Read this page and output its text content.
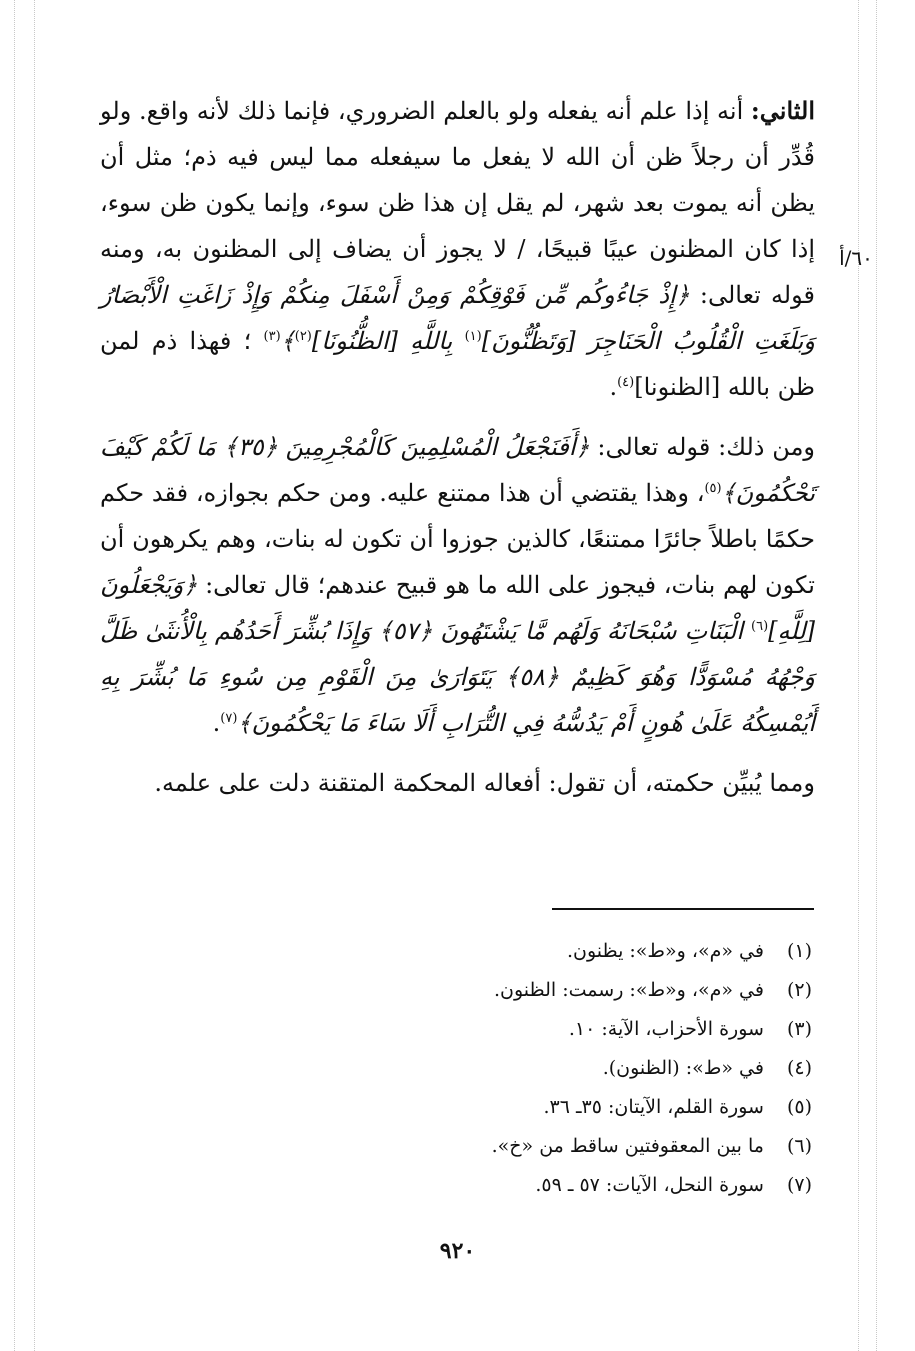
٦٠/أ

الثاني: أنه إذا علم أنه يفعله ولو بالعلم الضروري، فإنما ذلك لأنه واقع. ولو قُدِّر أن رجلاً ظن أن الله لا يفعل ما سيفعله مما ليس فيه ذم؛ مثل أن يظن أنه يموت بعد شهر، لم يقل إن هذا ظن سوء، وإنما يكون ظن سوء، إذا كان المظنون عيبًا قبيحًا، / لا يجوز أن يضاف إلى المظنون به، ومنه قوله تعالى: ﴿إِذْ جَاءُوكُم مِّن فَوْقِكُمْ وَمِنْ أَسْفَلَ مِنكُمْ وَإِذْ زَاغَتِ الْأَبْصَارُ وَبَلَغَتِ الْقُلُوبُ الْحَنَاجِرَ [وَتَظُنُّونَ]$^{(١)}$ بِاللَّهِ [الظُّنُونَا]$^{(٢)}$﴾$^{(٣)}$ ؛ فهذا ذم لمن ظن بالله [الظنونا]$^{(٤)}$.

ومن ذلك: قوله تعالى: ﴿أَفَنَجْعَلُ الْمُسْلِمِينَ كَالْمُجْرِمِينَ ﴿٣٥﴾ مَا لَكُمْ كَيْفَ تَحْكُمُونَ﴾$^{(٥)}$، وهذا يقتضي أن هذا ممتنع عليه. ومن حكم بجوازه، فقد حكم حكمًا باطلاً جائرًا ممتنعًا، كالذين جوزوا أن تكون له بنات، وهم يكرهون أن تكون لهم بنات، فيجوز على الله ما هو قبيح عندهم؛ قال تعالى: ﴿وَيَجْعَلُونَ [لِلَّهِ]$^{(٦)}$ الْبَنَاتِ سُبْحَانَهُ وَلَهُم مَّا يَشْتَهُونَ ﴿٥٧﴾ وَإِذَا بُشِّرَ أَحَدُهُم بِالْأُنثَىٰ ظَلَّ وَجْهُهُ مُسْوَدًّا وَهُوَ كَظِيمٌ ﴿٥٨﴾ يَتَوَارَىٰ مِنَ الْقَوْمِ مِن سُوءِ مَا بُشِّرَ بِهِ أَيُمْسِكُهُ عَلَىٰ هُونٍ أَمْ يَدُسُّهُ فِي التُّرَابِ أَلَا سَاءَ مَا يَحْكُمُونَ﴾$^{(٧)}$.

ومما يُبيِّن حكمته، أن تقول: أفعاله المحكمة المتقنة دلت على علمه.

(١) في «م»، و«ط»: يظنون.
(٢) في «م»، و«ط»: رسمت: الظنون.
(٣) سورة الأحزاب، الآية: ١٠.
(٤) في «ط»: (الظنون).
(٥) سورة القلم، الآيتان: ٣٥ـ ٣٦.
(٦) ما بين المعقوفتين ساقط من «خ».
(٧) سورة النحل، الآيات: ٥٧ ـ ٥٩.
٩٢٠
